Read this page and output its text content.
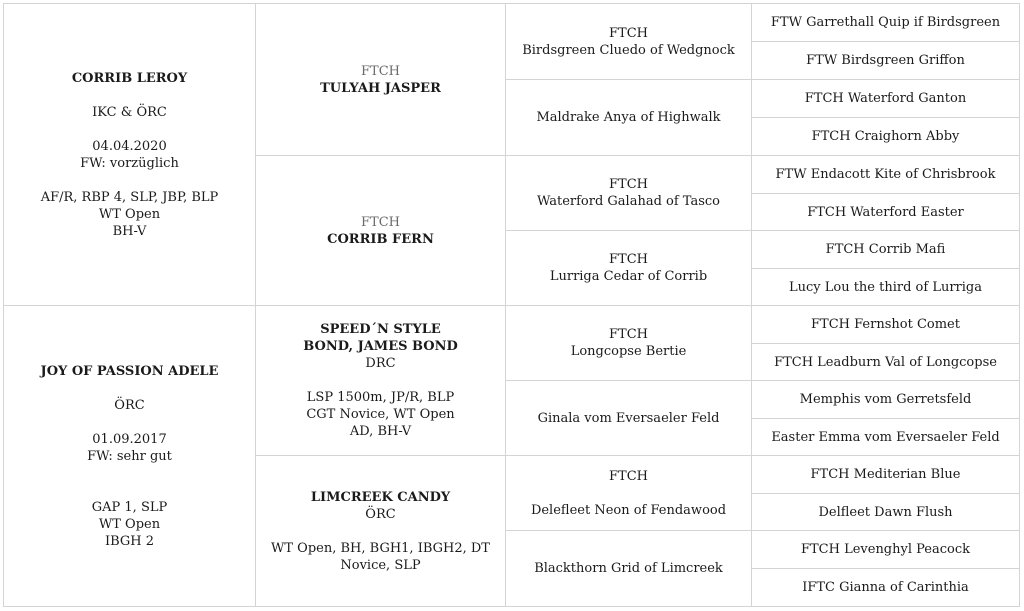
CORRIB LEROY
IKC & ÖRC
04.04.2020
FW: vorzüglich
AF/R, RBP 4, SLP, JBP, BLP
WT Open
BH-V
JOY OF PASSION ADELE
ÖRC
01.09.2017
FW: sehr gut
GAP 1, SLP
WT Open
IBGH 2
FTCH
TULYAH JASPER
FTCH
CORRIB FERN
SPEED´N STYLE
BOND, JAMES BOND
DRC
LSP 1500m, JP/R, BLP
CGT Novice, WT Open
AD, BH-V
LIMCREEK CANDY
ÖRC
WT Open, BH, BGH1, IBGH2, DT
Novice, SLP
FTCH
Birdsgreen Cluedo of Wedgnock
Maldrake Anya of Highwalk
FTCH
Waterford Galahad of Tasco
FTCH
Lurriga Cedar of Corrib
FTCH
Longcopse Bertie
Ginala vom Eversaeler Feld
FTCH
Delefleet Neon of Fendawood
Blackthorn Grid of Limcreek
FTW Garrethall Quip if Birdsgreen
FTW Birdsgreen Griffon
FTCH Waterford Ganton
FTCH Craighorn Abby
FTW Endacott Kite of Chrisbrook
FTCH Waterford Easter
FTCH Corrib Mafi
Lucy Lou the third of Lurriga
FTCH Fernshot Comet
FTCH Leadburn Val of Longcopse
Memphis vom Gerretsfeld
Easter Emma vom Eversaeler Feld
FTCH Mediterian Blue
Delfleet Dawn Flush
FTCH Levenghyl Peacock
IFTC Gianna of Carinthia
